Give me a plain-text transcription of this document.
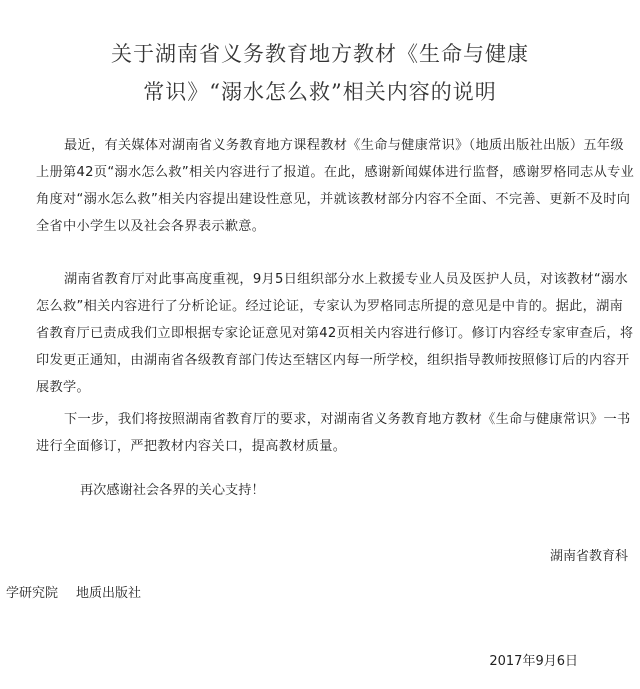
关于湖南省义务教育地方教材《生命与健康
常识》“溺水怎么救”相关内容的说明

最近，有关媒体对湖南省义务教育地方课程教材《生命与健康常识》（地质出版社出版）五年级上册第42页“溺水怎么救”相关内容进行了报道。在此，感谢新闻媒体进行监督，感谢罗格同志从专业角度对“溺水怎么救”相关内容提出建设性意见，并就该教材部分内容不全面、不完善、更新不及时向全省中小学生以及社会各界表示歉意。

湖南省教育厅对此事高度重视，9月5日组织部分水上救援专业人员及医护人员，对该教材“溺水怎么救”相关内容进行了分析论证。经过论证，专家认为罗格同志所提的意见是中肯的。据此，湖南省教育厅已责成我们立即根据专家论证意见对第42页相关内容进行修订。修订内容经专家审查后，将印发更正通知，由湖南省各级教育部门传达至辖区内每一所学校，组织指导教师按照修订后的内容开展教学。

下一步，我们将按照湖南省教育厅的要求，对湖南省义务教育地方教材《生命与健康常识》一书进行全面修订，严把教材内容关口，提高教材质量。

再次感谢社会各界的关心支持！
湖南省教育科
学研究院 地质出版社
2017年9月6日
